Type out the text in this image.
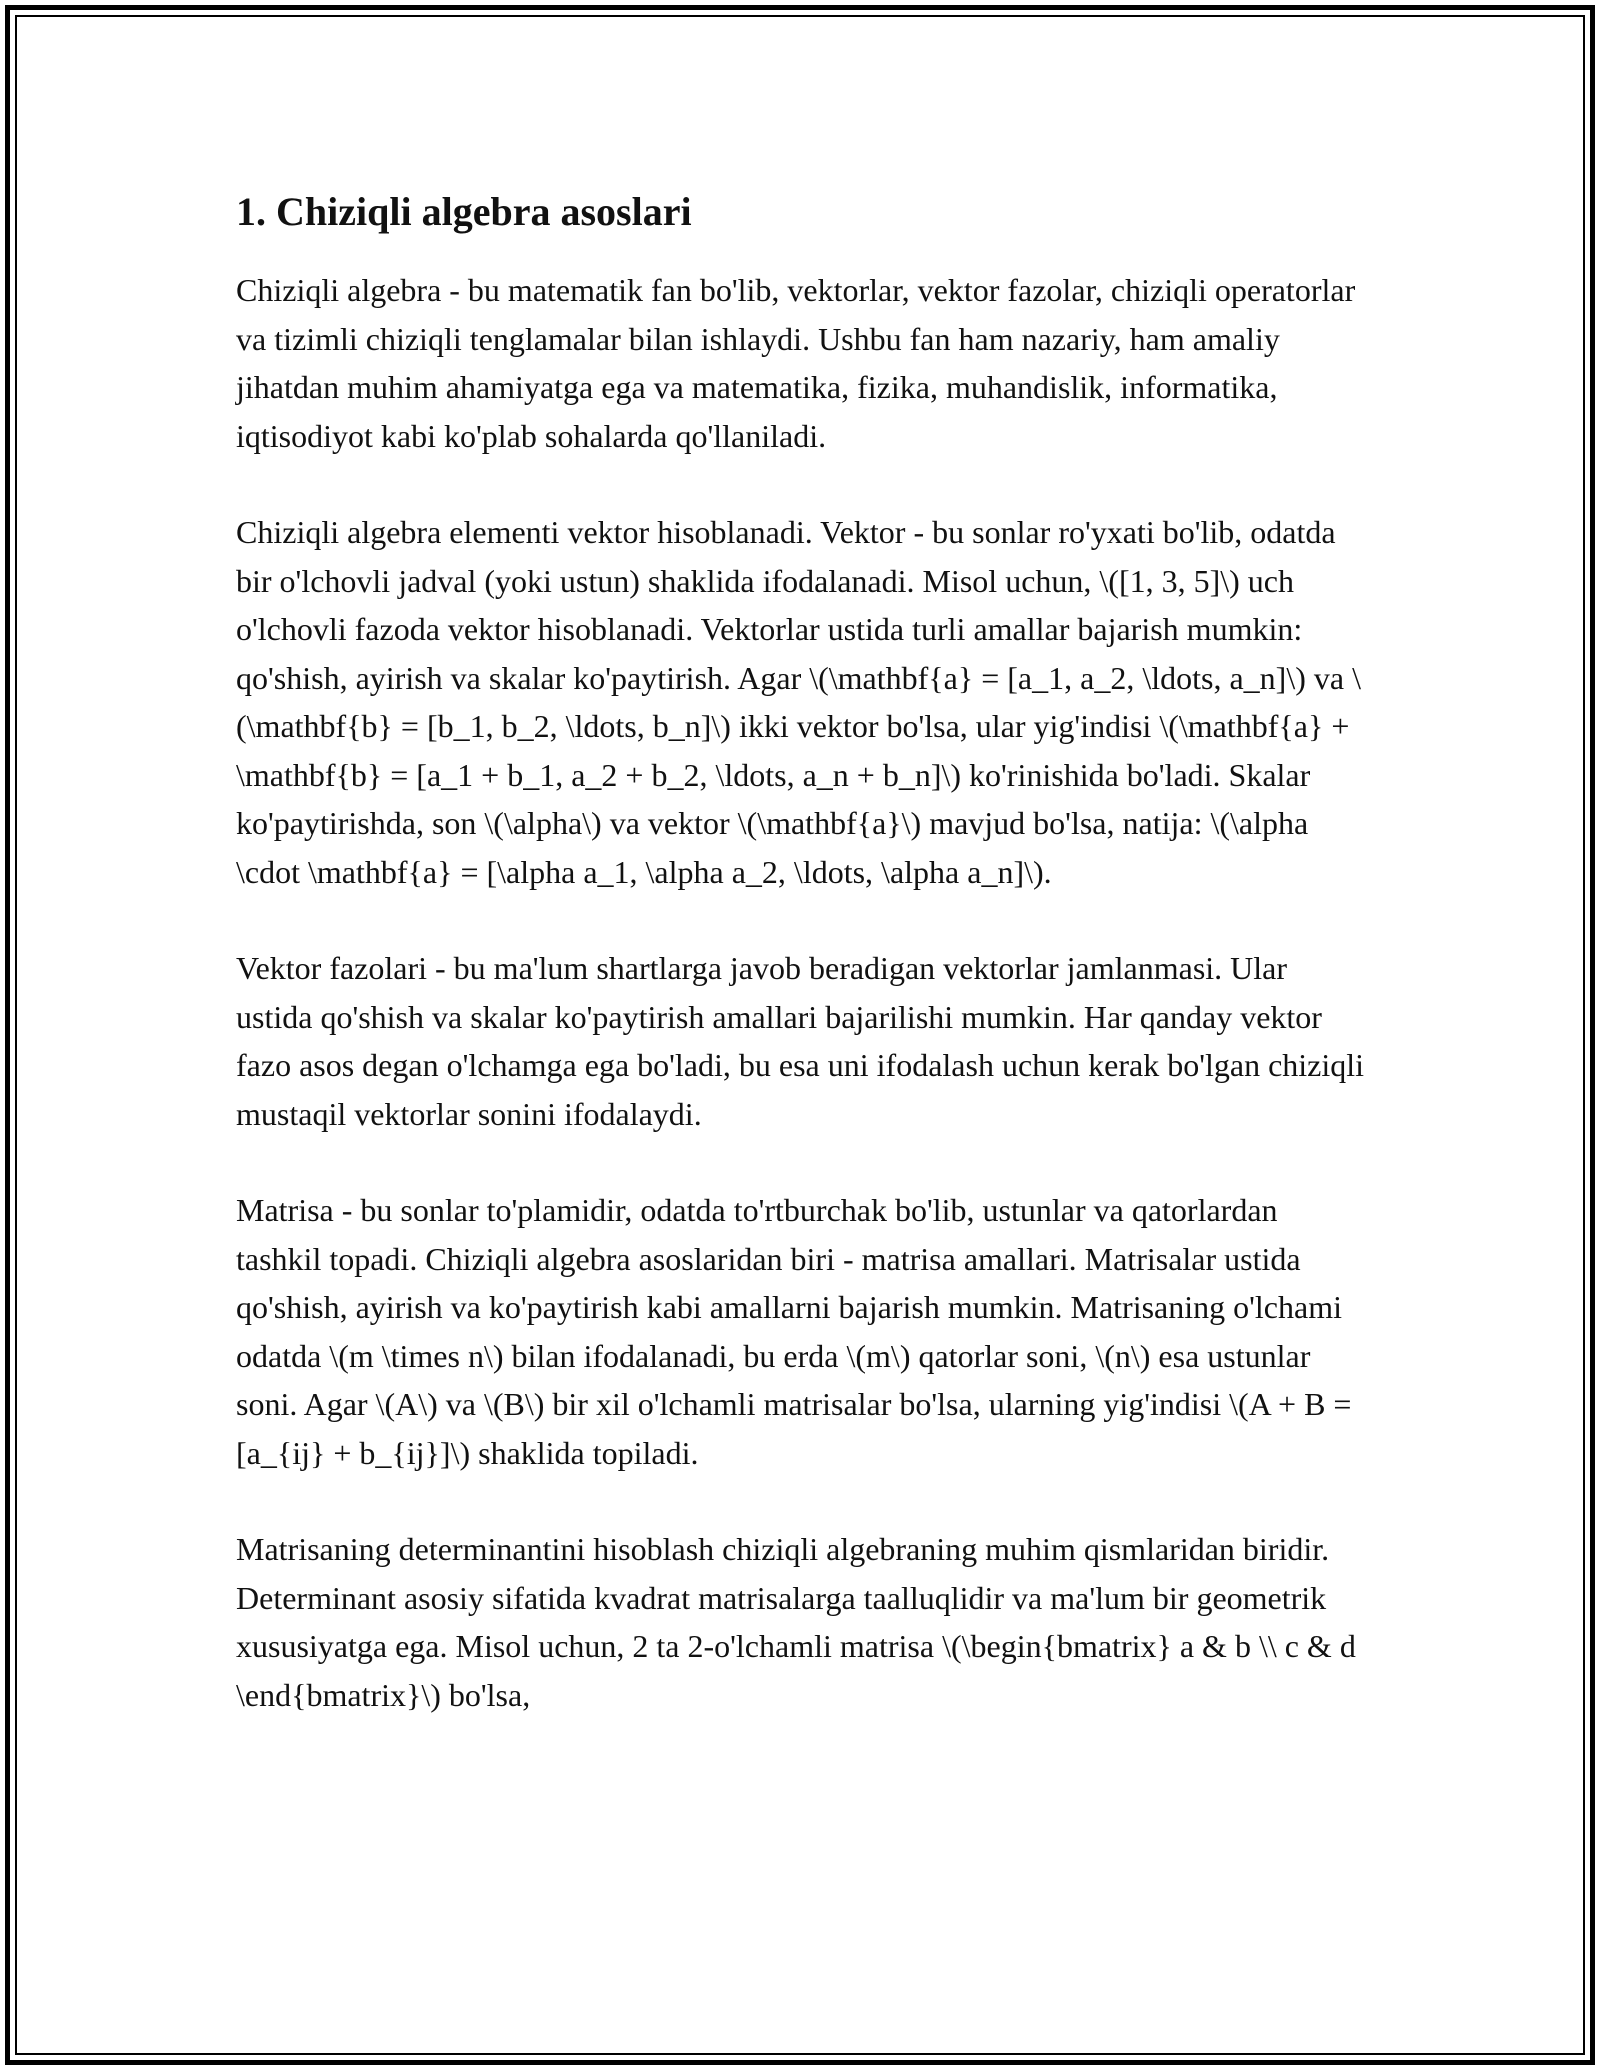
1. Chiziqli algebra asoslari

Chiziqli algebra - bu matematik fan bo'lib, vektorlar, vektor fazolar, chiziqli operatorlar va tizimli chiziqli tenglamalar bilan ishlaydi. Ushbu fan ham nazariy, ham amaliy jihatdan muhim ahamiyatga ega va matematika, fizika, muhandislik, informatika, iqtisodiyot kabi ko'plab sohalarda qo'llaniladi.

Chiziqli algebra elementi vektor hisoblanadi. Vektor - bu sonlar ro'yxati bo'lib, odatda bir o'lchovli jadval (yoki ustun) shaklida ifodalanadi. Misol uchun, \([1, 3, 5]\) uch o'lchovli fazoda vektor hisoblanadi. Vektorlar ustida turli amallar bajarish mumkin: qo'shish, ayirish va skalar ko'paytirish. Agar \(\mathbf{a} = [a_1, a_2, \ldots, a_n]\) va \(\mathbf{b} = [b_1, b_2, \ldots, b_n]\) ikki vektor bo'lsa, ular yig'indisi \(\mathbf{a} + \mathbf{b} = [a_1 + b_1, a_2 + b_2, \ldots, a_n + b_n]\) ko'rinishida bo'ladi. Skalar ko'paytirishda, son \(\alpha\) va vektor \(\mathbf{a}\) mavjud bo'lsa, natija: \(\alpha \cdot \mathbf{a} = [\alpha a_1, \alpha a_2, \ldots, \alpha a_n]\).

Vektor fazolari - bu ma'lum shartlarga javob beradigan vektorlar jamlanmasi. Ular ustida qo'shish va skalar ko'paytirish amallari bajarilishi mumkin. Har qanday vektor fazo asos degan o'lchamga ega bo'ladi, bu esa uni ifodalash uchun kerak bo'lgan chiziqli mustaqil vektorlar sonini ifodalaydi.

Matrisa - bu sonlar to'plamidir, odatda to'rtburchak bo'lib, ustunlar va qatorlardan tashkil topadi. Chiziqli algebra asoslaridan biri - matrisa amallari. Matrisalar ustida qo'shish, ayirish va ko'paytirish kabi amallarni bajarish mumkin. Matrisaning o'lchami odatda \(m \times n\) bilan ifodalanadi, bu erda \(m\) qatorlar soni, \(n\) esa ustunlar soni. Agar \(A\) va \(B\) bir xil o'lchamli matrisalar bo'lsa, ularning yig'indisi \(A + B = [a_{ij} + b_{ij}]\) shaklida topiladi.

Matrisaning determinantini hisoblash chiziqli algebraning muhim qismlaridan biridir. Determinant asosiy sifatida kvadrat matrisalarga taalluqlidir va ma'lum bir geometrik xususiyatga ega. Misol uchun, 2 ta 2-o'lchamli matrisa \(\begin{bmatrix} a & b \\ c & d \end{bmatrix}\) bo'lsa,
